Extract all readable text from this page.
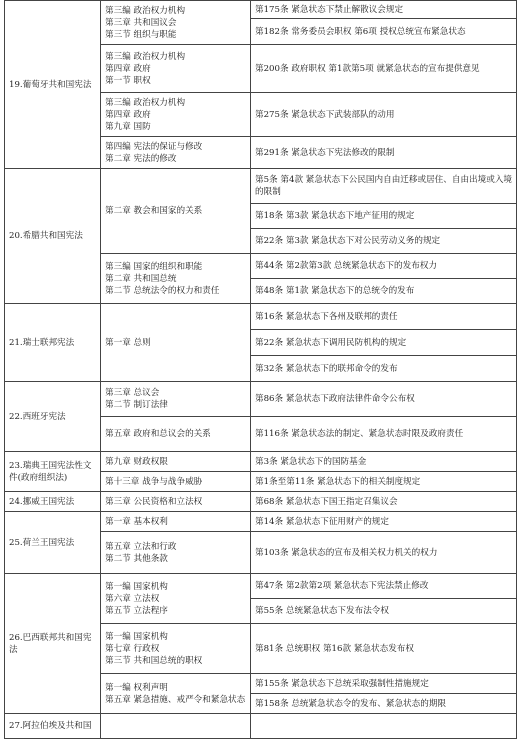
19.葡萄牙共和国宪法	第三编 政治权力机构
第三章 共和国议会
第三节 组织与职能	第175条 紧急状态下禁止解散议会规定

		第182条 常务委员会职权 第6项 授权总统宣布紧急状态

	第三编 政治权力机构
第四章 政府
第一节 职权	第200条 政府职权 第1款第5项 就紧急状态的宣布提供意见

	第三编 政治权力机构
第四章 政府
第九章 国防	第275条 紧急状态下武装部队的动用

	第四编 宪法的保证与修改
第二章 宪法的修改	第291条 紧急状态下宪法修改的限制

20.希腊共和国宪法	第二章 教会和国家的关系	第5条 第4款 紧急状态下公民国内自由迁移或居住、自由出境或入境的限制

		第18条 第3款 紧急状态下地产征用的规定

		第22条 第3款 紧急状态下对公民劳动义务的规定

	第三编 国家的组织和职能
第二章 共和国总统
第二节 总统法令的权力和责任	第44条 第2款第3款 总统紧急状态下的发布权力

		第48条 第1款 紧急状态下的总统令的发布

21.瑞士联邦宪法	第一章 总则	第16条 紧急状态下各州及联邦的责任

		第22条 紧急状态下调用民防机构的规定

		第32条 紧急状态下的联邦命令的发布

22.西班牙宪法	第三章 总议会
第二节 制订法律	第86条 紧急状态下政府法律件命令公布权

	第五章 政府和总议会的关系	第116条 紧急状态法的制定、紧急状态时限及政府责任

23.瑞典王国宪法性文件(政府组织法)	第九章 财政权限	第3条 紧急状态下的国防基金

	第十三章 战争与战争威胁	第1条至第11条 紧急状态下的相关制度规定

24.挪威王国宪法	第三章 公民资格和立法权	第68条 紧急状态下国王指定召集议会

25.荷兰王国宪法	第一章 基本权利	第14条 紧急状态下征用财产的规定

	第五章 立法和行政
第二节 其他条款	第103条 紧急状态的宣布及相关权力机关的权力

26.巴西联邦共和国宪法	第一编 国家机构
第六章 立法权
第五节 立法程序	第47条 第2款第2项 紧急状态下宪法禁止修改

		第55条 总统紧急状态下发布法令权

	第一编 国家机构
第七章 行政权
第三节 共和国总统的职权	第81条 总统职权 第16款 紧急状态发布权

	第一编 权利声明
第五章 紧急措施、戒严令和紧急状态	第155条 紧急状态下总统采取强制性措施规定

		第158条 总统紧急状态令的发布、紧急状态的期限

27.阿拉伯埃及共和国		
